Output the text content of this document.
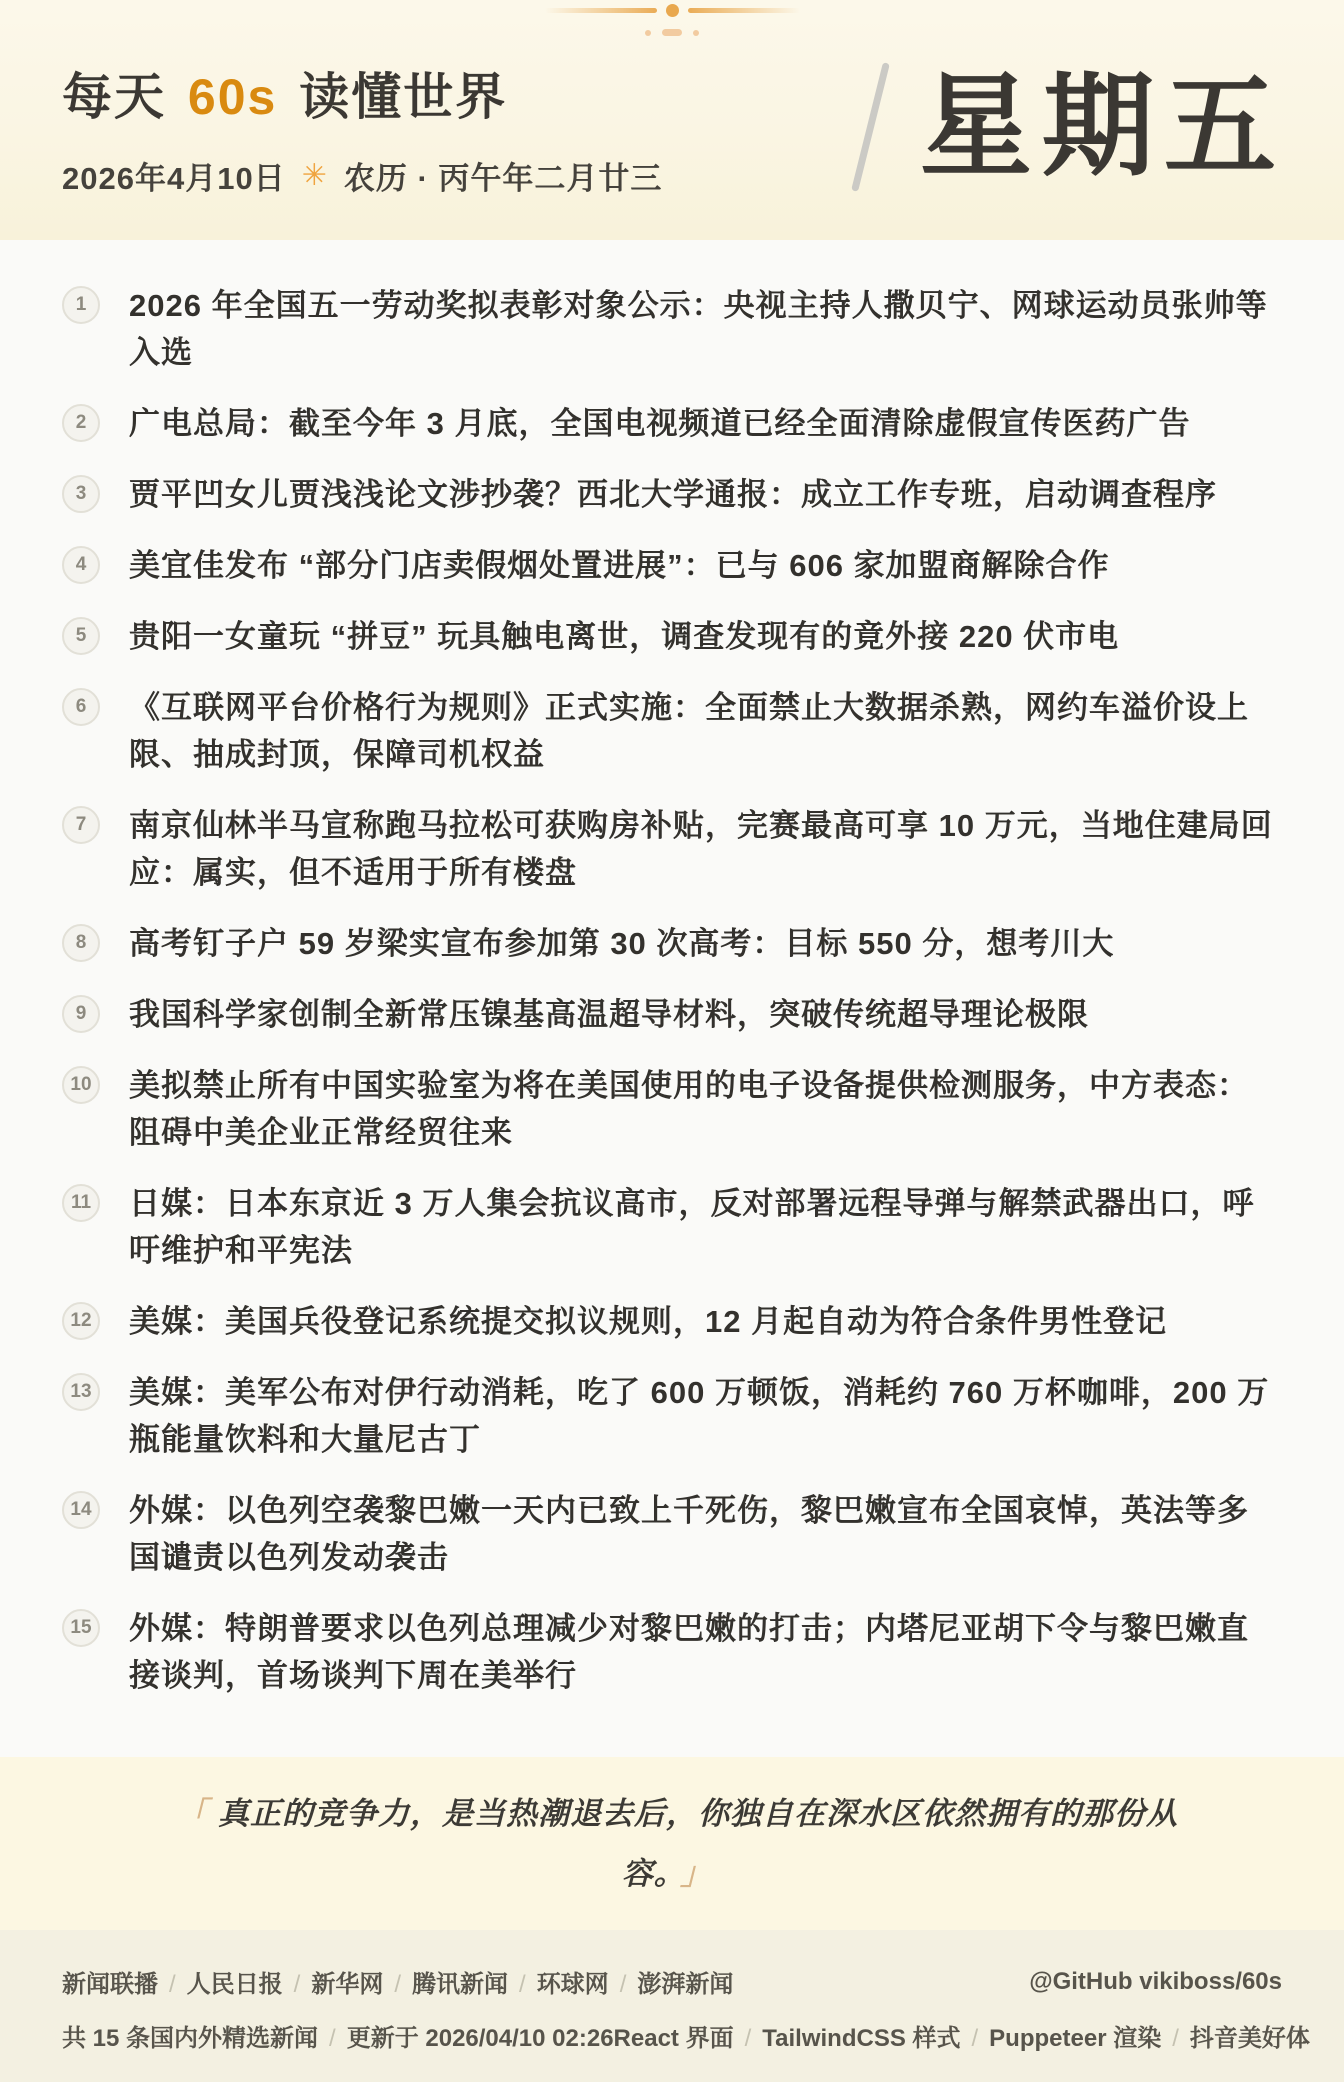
每天 60s 读懂世界
2026年4月10日 ✳ 农历 · 丙午年二月廿三 星期五
1	2026 年全国五一劳动奖拟表彰对象公示：央视主持人撒贝宁、网球运动员张帅等入选
2	广电总局：截至今年 3 月底，全国电视频道已经全面清除虚假宣传医药广告
3	贾平凹女儿贾浅浅论文涉抄袭？西北大学通报：成立工作专班，启动调查程序
4	美宜佳发布 “部分门店卖假烟处置进展”：已与 606 家加盟商解除合作
5	贵阳一女童玩 “拼豆” 玩具触电离世，调查发现有的竟外接 220 伏市电
6	《互联网平台价格行为规则》正式实施：全面禁止大数据杀熟，网约车溢价设上限、抽成封顶，保障司机权益
7	南京仙林半马宣称跑马拉松可获购房补贴，完赛最高可享 10 万元，当地住建局回应：属实，但不适用于所有楼盘
8	高考钉子户 59 岁梁实宣布参加第 30 次高考：目标 550 分，想考川大
9	我国科学家创制全新常压镍基高温超导材料，突破传统超导理论极限
10 美拟禁止所有中国实验室为将在美国使用的电子设备提供检测服务，中方表态：阻碍中美企业正常经贸往来
11 日媒：日本东京近 3 万人集会抗议高市，反对部署远程导弹与解禁武器出口，呼吁维护和平宪法
12 美媒：美国兵役登记系统提交拟议规则，12 月起自动为符合条件男性登记
13 美媒：美军公布对伊行动消耗，吃了 600 万顿饭，消耗约 760 万杯咖啡，200 万瓶能量饮料和大量尼古丁
14 外媒：以色列空袭黎巴嫩一天内已致上千死伤，黎巴嫩宣布全国哀悼，英法等多国谴责以色列发动袭击
15 外媒：特朗普要求以色列总理减少对黎巴嫩的打击；内塔尼亚胡下令与黎巴嫩直接谈判，首场谈判下周在美举行

「 真正的竞争力，是当热潮退去后，你独自在深水区依然拥有的那份从容。 」

新闻联播 / 人民日报 / 新华网 / 腾讯新闻 / 环球网 / 澎湃新闻	@GitHub vikiboss/60s
共 15 条国内外精选新闻 / 更新于 2026/04/10 02:26 React 界面 / TailwindCSS 样式 / Puppeteer 渲染 / 抖音美好体
